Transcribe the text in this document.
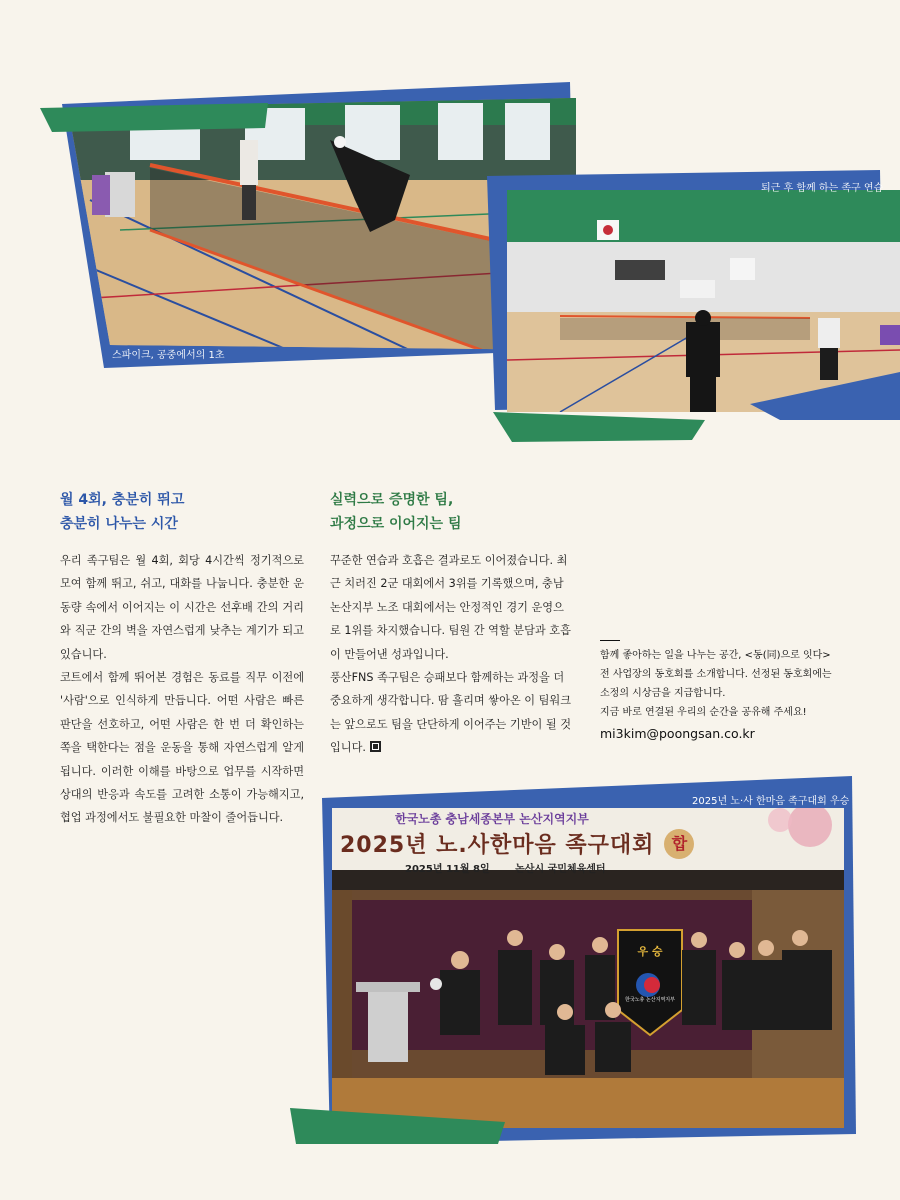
스파이크, 공중에서의 1초
퇴근 후 함께 하는 족구 연습
월 4회, 충분히 뛰고
충분히 나누는 시간
우리 족구팀은 월 4회, 회당 4시간씩 정기적으로 모여 함께 뛰고, 쉬고, 대화를 나눕니다. 충분한 운동량 속에서 이어지는 이 시간은 선후배 간의 거리와 직군 간의 벽을 자연스럽게 낮추는 계기가 되고 있습니다.
코트에서 함께 뛰어본 경험은 동료를 직무 이전에 '사람'으로 인식하게 만듭니다. 어떤 사람은 빠른 판단을 선호하고, 어떤 사람은 한 번 더 확인하는 쪽을 택한다는 점을 운동을 통해 자연스럽게 알게 됩니다. 이러한 이해를 바탕으로 업무를 시작하면 상대의 반응과 속도를 고려한 소통이 가능해지고, 협업 과정에서도 불필요한 마찰이 줄어듭니다.
실력으로 증명한 팀,
과정으로 이어지는 팀
꾸준한 연습과 호흡은 결과로도 이어졌습니다. 최근 치러진 2군 대회에서 3위를 기록했으며, 충남 논산지부 노조 대회에서는 안정적인 경기 운영으로 1위를 차지했습니다. 팀원 간 역할 분담과 호흡이 만들어낸 성과입니다.
풍산FNS 족구팀은 승패보다 함께하는 과정을 더 중요하게 생각합니다. 땀 흘리며 쌓아온 이 팀워크는 앞으로도 팀을 단단하게 이어주는 기반이 될 것입니다.
함께 좋아하는 일을 나누는 공간, <동(同)으로 잇다>
전 사업장의 동호회를 소개합니다. 선정된 동호회에는
소정의 시상금을 지급합니다.
지금 바로 연결된 우리의 순간을 공유해 주세요!
mi3kim@poongsan.co.kr
한국노총 충남세종본부 논산지역지부
2025년 노.사한마음 족구대회	합
2025년 11월 8일	논산시 국민체육센터
우 승
한국노총 논산지역지부
2025년 노·사 한마음 족구대회 우승
